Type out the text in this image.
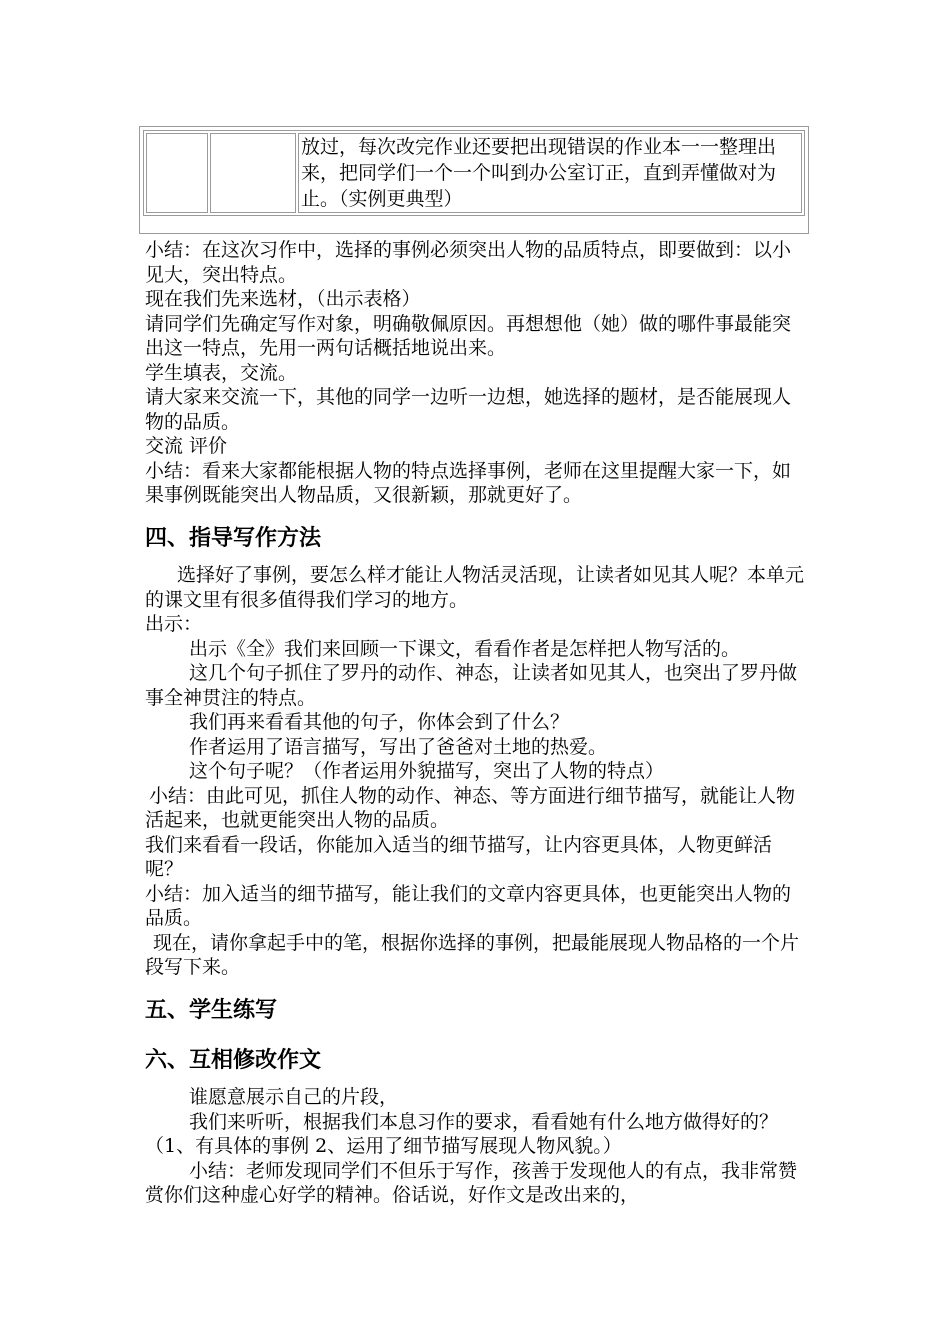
		放过，每次改完作业还要把出现错误的作业本一一整理出来，把同学们一个一个叫到办公室订正，直到弄懂做对为止。（实例更典型）

小结：在这次习作中，选择的事例必须突出人物的品质特点，即要做到：以小见大，突出特点。

现在我们先来选材，（出示表格）

请同学们先确定写作对象，明确敬佩原因。再想想他（她）做的哪件事最能突出这一特点，先用一两句话概括地说出来。

学生填表，交流。

请大家来交流一下，其他的同学一边听一边想，她选择的题材，是否能展现人物的品质。

交流 评价

小结：看来大家都能根据人物的特点选择事例，老师在这里提醒大家一下，如果事例既能突出人物品质，又很新颖，那就更好了。

四、指导写作方法

选择好了事例，要怎么样才能让人物活灵活现，让读者如见其人呢？本单元的课文里有很多值得我们学习的地方。

出示：

出示《全》我们来回顾一下课文，看看作者是怎样把人物写活的。

这几个句子抓住了罗丹的动作、神态，让读者如见其人，也突出了罗丹做事全神贯注的特点。

我们再来看看其他的句子，你体会到了什么？

作者运用了语言描写，写出了爸爸对土地的热爱。

这个句子呢？（作者运用外貌描写，突出了人物的特点）

小结：由此可见，抓住人物的动作、神态、等方面进行细节描写，就能让人物活起来，也就更能突出人物的品质。

我们来看看一段话，你能加入适当的细节描写，让内容更具体，人物更鲜活呢？

小结：加入适当的细节描写，能让我们的文章内容更具体，也更能突出人物的品质。

现在，请你拿起手中的笔，根据你选择的事例，把最能展现人物品格的一个片段写下来。

五、学生练写
六、互相修改作文

谁愿意展示自己的片段，

我们来听听，根据我们本息习作的要求，看看她有什么地方做得好的？（1、有具体的事例 2、运用了细节描写展现人物风貌。）

小结：老师发现同学们不但乐于写作，孩善于发现他人的有点，我非常赞赏你们这种虚心好学的精神。俗话说，好作文是改出来的，
